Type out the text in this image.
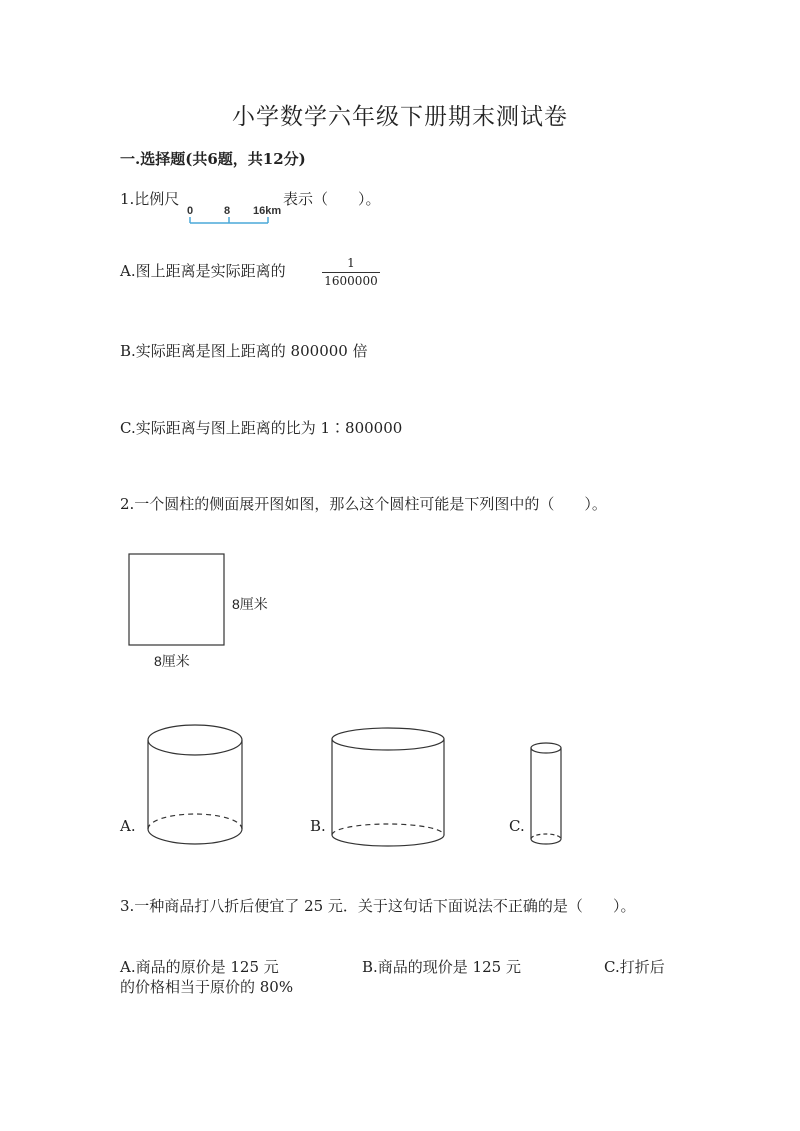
小学数学六年级下册期末测试卷
一.选择题(共6题，共12分)
1.比例尺
0	8 16km
表示（　　）。
A.图上距离是实际距离的	1
1600000
B.实际距离是图上距离的 800000 倍
C.实际距离与图上距离的比为 1∶800000
2.一个圆柱的侧面展开图如图，那么这个圆柱可能是下列图中的（　　）。
8厘米
8厘米
A.	B.	C.
3.一种商品打八折后便宜了 25 元．关于这句话下面说法不正确的是（　　）。
A.商品的原价是 125 元	B.商品的现价是 125 元	C.打折后
的价格相当于原价的 80%
